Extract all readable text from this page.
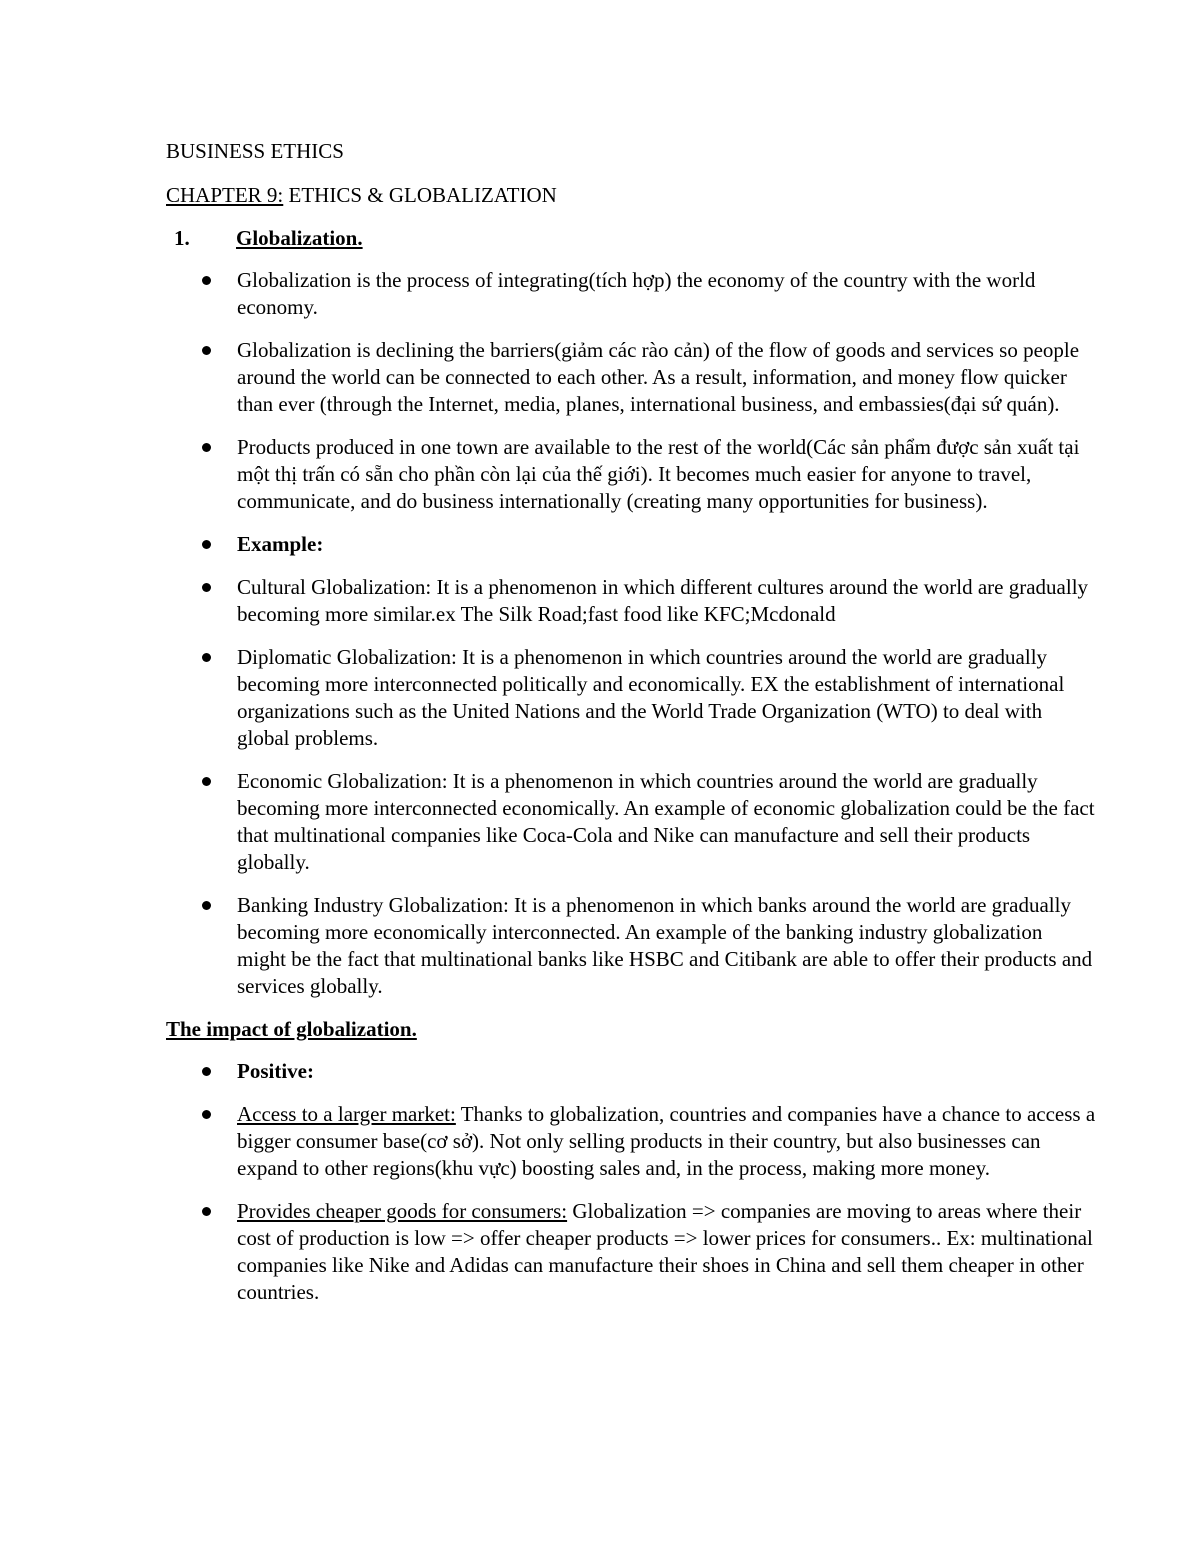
BUSINESS ETHICS

CHAPTER 9: ETHICS & GLOBALIZATION

1. Globalization.

Globalization is the process of integrating(tích hợp) the economy of the country with the world economy.
Globalization is declining the barriers(giảm các rào cản) of the flow of goods and services so people around the world can be connected to each other. As a result, information, and money flow quicker than ever (through the Internet, media, planes, international business, and embassies(đại sứ quán).
Products produced in one town are available to the rest of the world(Các sản phẩm được sản xuất tại một thị trấn có sẵn cho phần còn lại của thế giới). It becomes much easier for anyone to travel, communicate, and do business internationally (creating many opportunities for business).
Example:
Cultural Globalization: It is a phenomenon in which different cultures around the world are gradually becoming more similar.ex The Silk Road;fast food like KFC;Mcdonald
Diplomatic Globalization: It is a phenomenon in which countries around the world are gradually becoming more interconnected politically and economically. EX the establishment of international organizations such as the United Nations and the World Trade Organization (WTO) to deal with global problems.
Economic Globalization: It is a phenomenon in which countries around the world are gradually becoming more interconnected economically. An example of economic globalization could be the fact that multinational companies like Coca-Cola and Nike can manufacture and sell their products globally.
Banking Industry Globalization: It is a phenomenon in which banks around the world are gradually becoming more economically interconnected. An example of the banking industry globalization might be the fact that multinational banks like HSBC and Citibank are able to offer their products and services globally.

The impact of globalization.

Positive:
Access to a larger market: Thanks to globalization, countries and companies have a chance to access a bigger consumer base(cơ sở). Not only selling products in their country, but also businesses can expand to other regions(khu vực) boosting sales and, in the process, making more money.
Provides cheaper goods for consumers: Globalization => companies are moving to areas where their cost of production is low => offer cheaper products => lower prices for consumers.. Ex: multinational companies like Nike and Adidas can manufacture their shoes in China and sell them cheaper in other countries.
